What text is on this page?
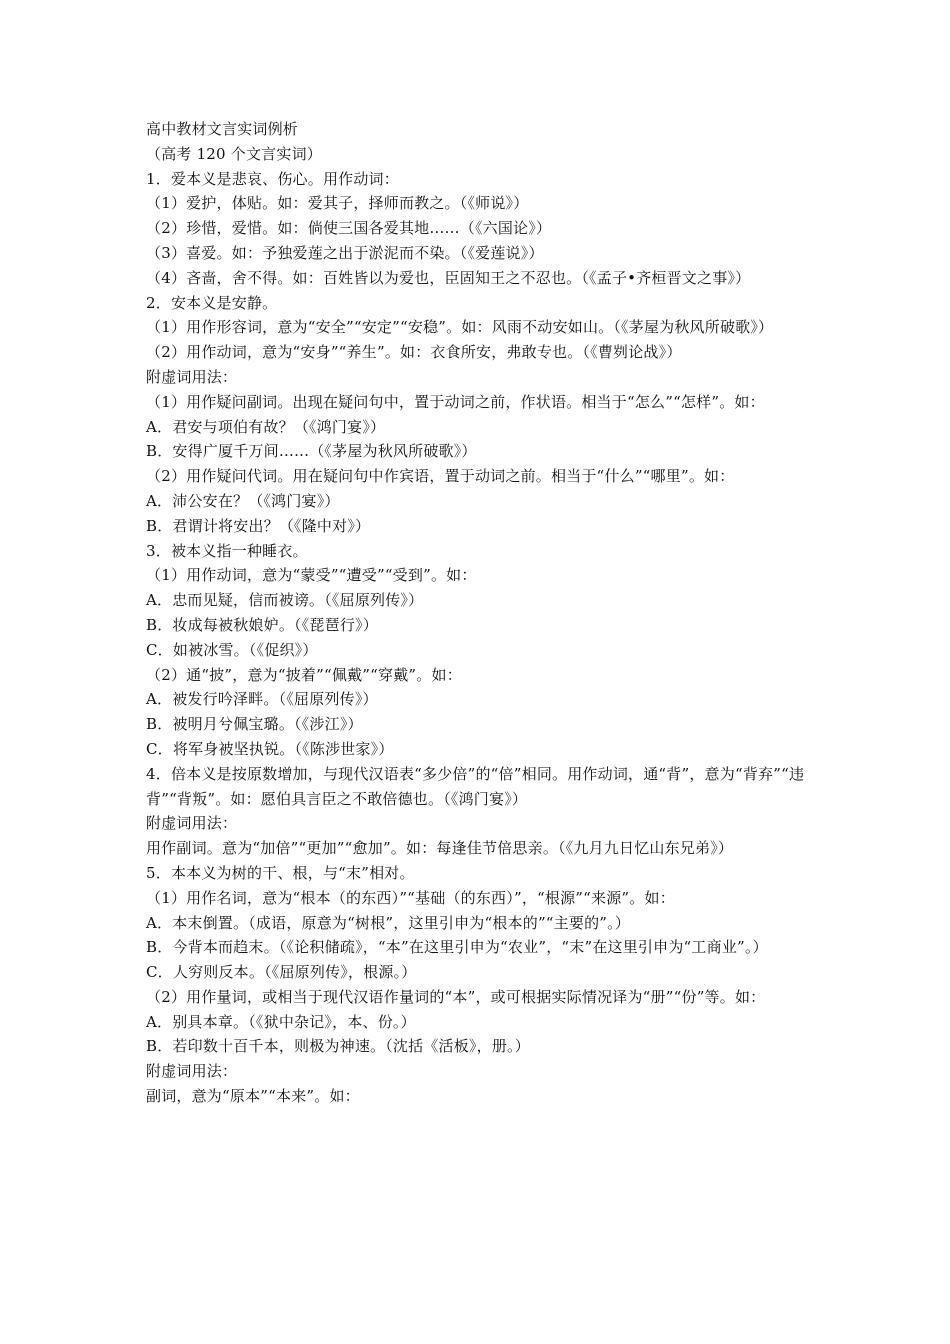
高中教材文言实词例析

（高考 120 个文言实词）

1．爱本义是悲哀、伤心。用作动词：

（1）爱护，体贴。如：爱其子，择师而教之。（《师说》）

（2）珍惜，爱惜。如：倘使三国各爱其地……（《六国论》）

（3）喜爱。如：予独爱莲之出于淤泥而不染。（《爱莲说》）

（4）吝啬，舍不得。如：百姓皆以为爱也，臣固知王之不忍也。（《孟子•齐桓晋文之事》）

2．安本义是安静。

（1）用作形容词，意为“安全”“安定”“安稳”。如：风雨不动安如山。（《茅屋为秋风所破歌》）

（2）用作动词，意为“安身”“养生”。如：衣食所安，弗敢专也。（《曹刿论战》）

附虚词用法：

（1）用作疑问副词。出现在疑问句中，置于动词之前，作状语。相当于“怎么”“怎样”。如：

A．君安与项伯有故？（《鸿门宴》）

B．安得广厦千万间……（《茅屋为秋风所破歌》）

（2）用作疑问代词。用在疑问句中作宾语，置于动词之前。相当于“什么”“哪里”。如：

A．沛公安在？（《鸿门宴》）

B．君谓计将安出？（《隆中对》）

3．被本义指一种睡衣。

（1）用作动词，意为“蒙受”“遭受”“受到”。如：

A．忠而见疑，信而被谤。（《屈原列传》）

B．妆成每被秋娘妒。（《琵琶行》）

C．如被冰雪。（《促织》）

（2）通“披”，意为“披着”“佩戴”“穿戴”。如：

A．被发行吟泽畔。（《屈原列传》）

B．被明月兮佩宝璐。（《涉江》）

C．将军身被坚执锐。（《陈涉世家》）

4．倍本义是按原数增加，与现代汉语表“多少倍”的“倍”相同。用作动词，通“背”，意为“背弃”“违背”“背叛”。如：愿伯具言臣之不敢倍德也。（《鸿门宴》）

附虚词用法：

用作副词。意为“加倍”“更加”“愈加”。如：每逢佳节倍思亲。（《九月九日忆山东兄弟》）

5．本本义为树的干、根，与“末”相对。

（1）用作名词，意为“根本（的东西）”“基础（的东西）”，“根源”“来源”。如：

A．本末倒置。（成语，原意为“树根”，这里引申为“根本的”“主要的”。）

B．今背本而趋末。（《论积储疏》，“本”在这里引申为“农业”，“末”在这里引申为“工商业”。）

C．人穷则反本。（《屈原列传》，根源。）

（2）用作量词，或相当于现代汉语作量词的“本”，或可根据实际情况译为“册”“份”等。如：

A．别具本章。（《狱中杂记》，本、份。）

B．若印数十百千本，则极为神速。（沈括《活板》，册。）

附虚词用法：

副词，意为“原本”“本来”。如：
